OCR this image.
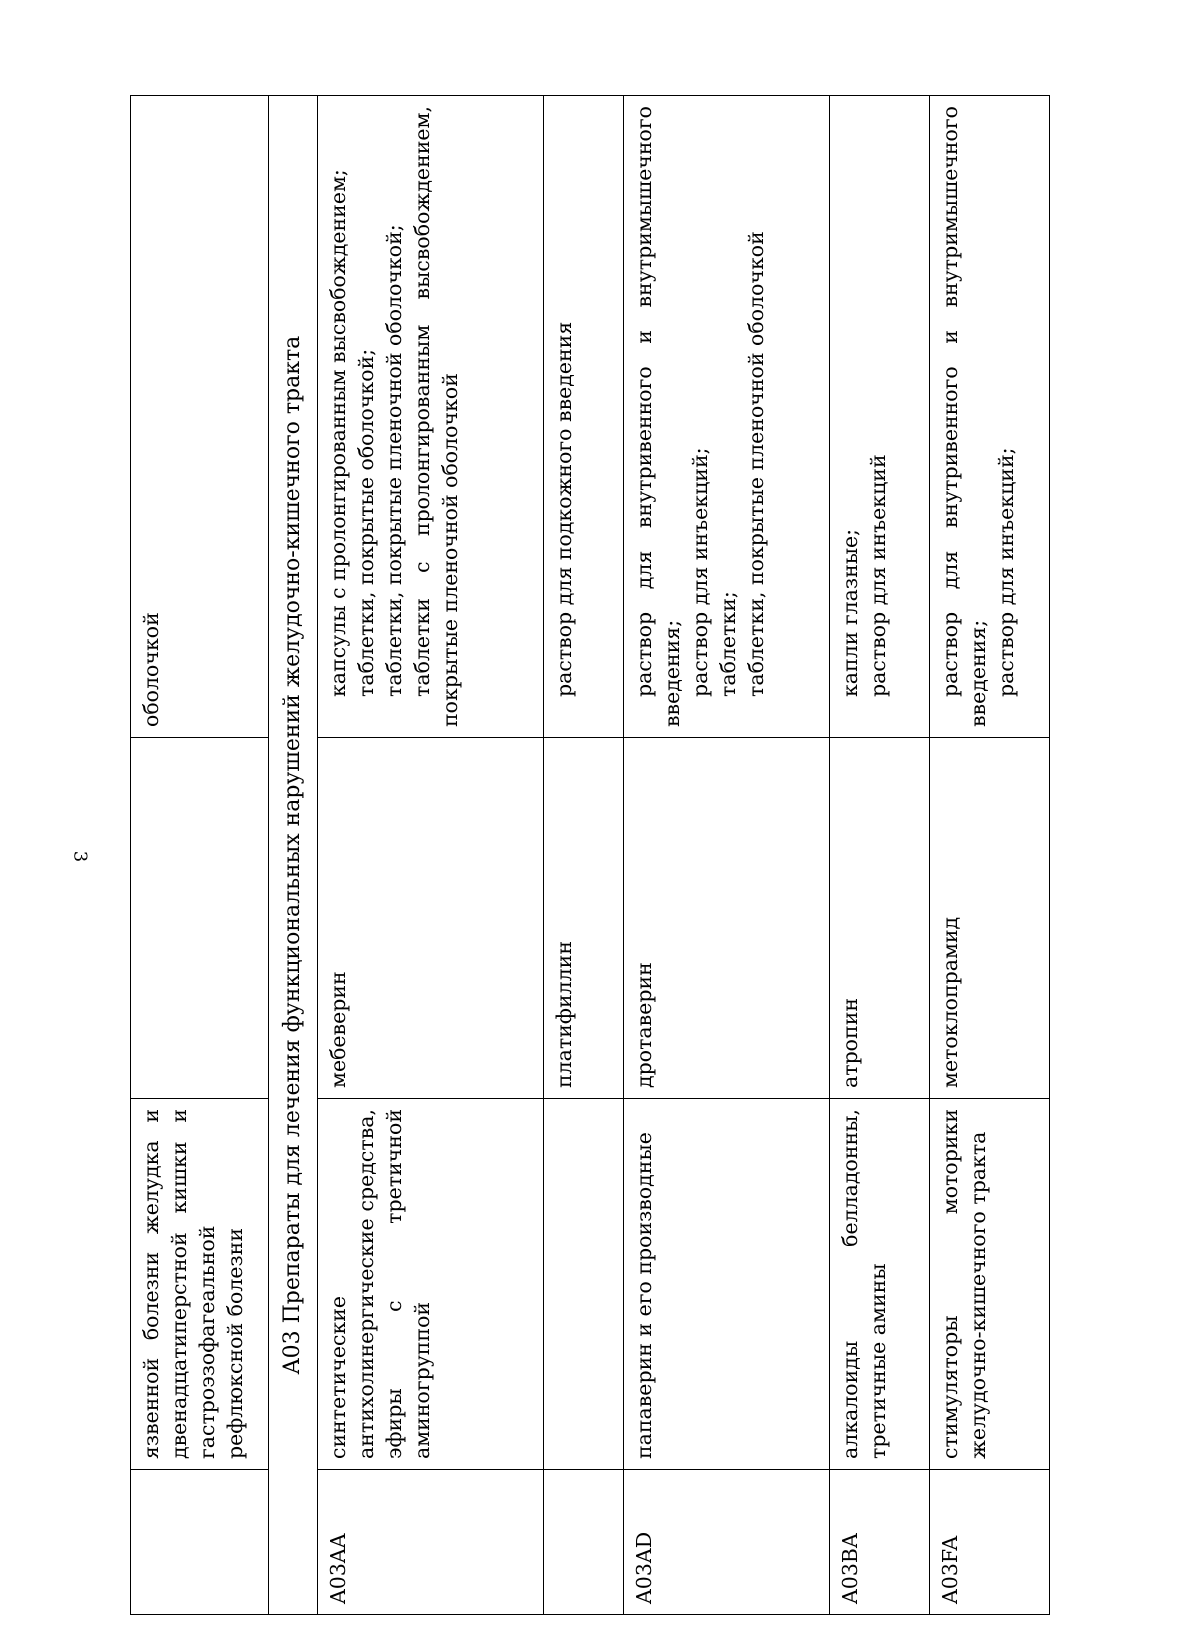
3
	язвенной болезни желудка и двенадцатиперстной кишки и гастроэзофагеальной рефлюксной болезни		оболочкой
A03 Препараты для лечения функциональных нарушений желудочно-кишечного тракта			
A03AA	синтетические антихолинергические средства, эфиры с третичной аминогруппой	мебеверин	капсулы с пролонгированным высвобождением; таблетки, покрытые оболочкой; таблетки, покрытые пленочной оболочкой; таблетки с пролонгированным высвобождением, покрытые пленочной оболочкой

		платифиллин	раствор для подкожного введения

A03AD	папаверин и его производные	дротаверин	раствор для внутривенного и внутримышечного введения; раствор для инъекций; таблетки; таблетки, покрытые пленочной оболочкой

A03BA	алкалоиды белладонны, третичные амины	атропин	капли глазные; раствор для инъекций

A03FA	стимуляторы моторики желудочно-кишечного тракта	метоклопрамид	раствор для внутривенного и внутримышечного введения; раствор для инъекций;
